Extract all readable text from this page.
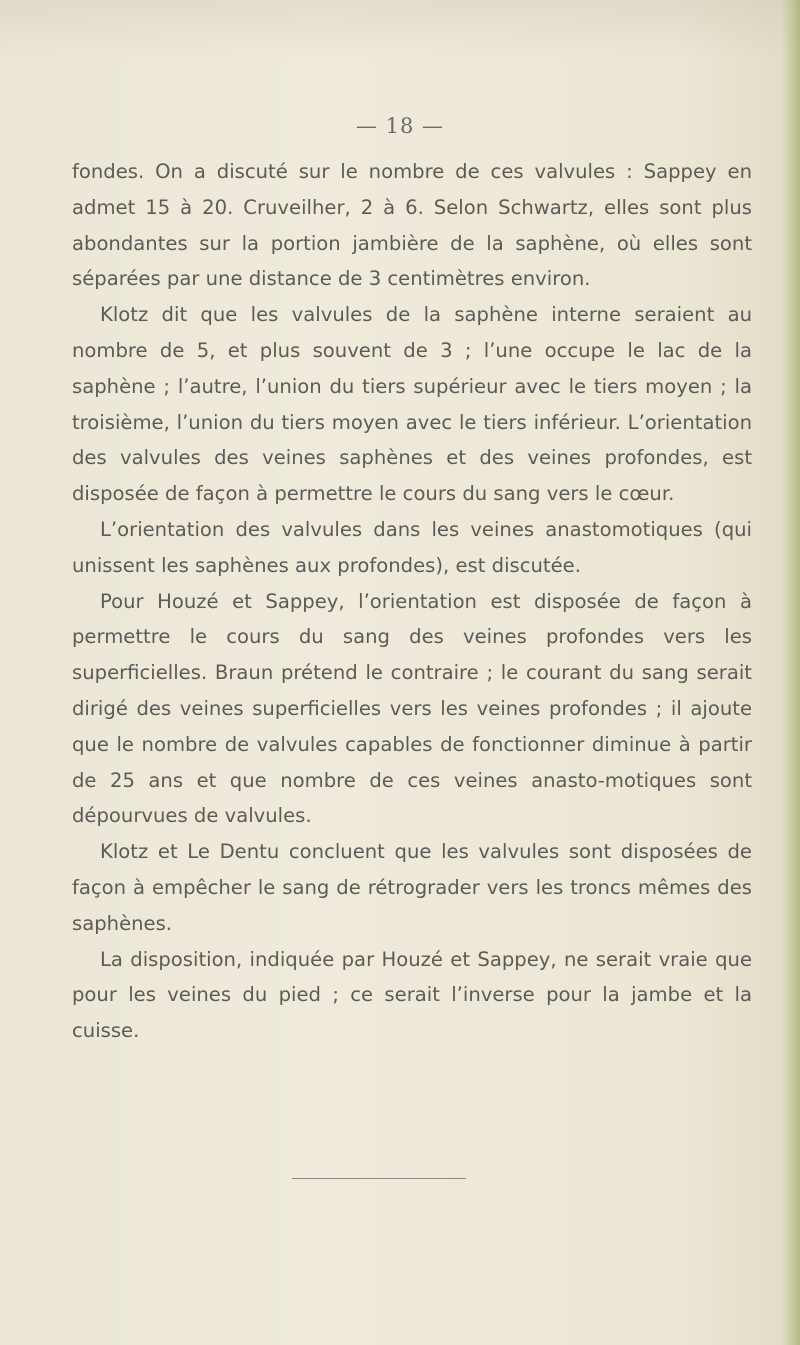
— 18 —

fondes. On a discuté sur le nombre de ces valvules : Sappey en admet 15 à 20. Cruveilher, 2 à 6. Selon Schwartz, elles sont plus abondantes sur la portion jambière de la saphène, où elles sont séparées par une distance de 3 centimètres environ.

Klotz dit que les valvules de la saphène interne seraient au nombre de 5, et plus souvent de 3 ; l’une occupe le lac de la saphène ; l’autre, l’union du tiers supérieur avec le tiers moyen ; la troisième, l’union du tiers moyen avec le tiers inférieur. L’orientation des valvules des veines saphènes et des veines profondes, est disposée de façon à permettre le cours du sang vers le cœur.

L’orientation des valvules dans les veines anastomotiques (qui unissent les saphènes aux profondes), est discutée.

Pour Houzé et Sappey, l’orientation est disposée de façon à permettre le cours du sang des veines profondes vers les superficielles. Braun prétend le contraire ; le courant du sang serait dirigé des veines superficielles vers les veines profondes ; il ajoute que le nombre de valvules capables de fonctionner diminue à partir de 25 ans et que nombre de ces veines anasto-motiques sont dépourvues de valvules.

Klotz et Le Dentu concluent que les valvules sont disposées de façon à empêcher le sang de rétrograder vers les troncs mêmes des saphènes.

La disposition, indiquée par Houzé et Sappey, ne serait vraie que pour les veines du pied ; ce serait l’inverse pour la jambe et la cuisse.
